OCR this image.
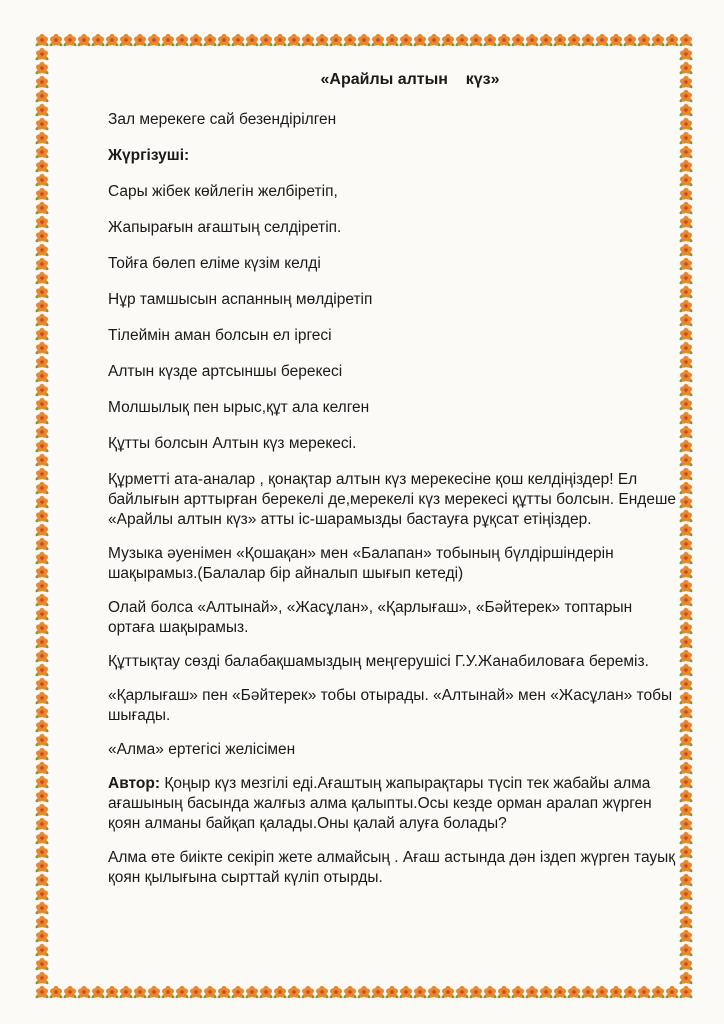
«Арайлы алтын    күз»
Зал мерекеге сай безендірілген
Жүргізуші:
Сары жібек көйлегін желбіретіп,
Жапырағын ағаштың селдіретіп.
Тойға бөлеп еліме күзім келді
Нұр тамшысын аспанның мөлдіретіп
Тілеймін аман болсын ел іргесі
Алтын күзде артсыншы берекесі
Молшылық пен ырыс,құт ала келген
Құтты болсын Алтын күз мерекесі.
Құрметті ата-аналар , қонақтар алтын күз мерекесіне қош келдіңіздер! Ел байлығын арттырған берекелі де,мерекелі күз мерекесі құтты болсын. Ендеше «Арайлы алтын күз» атты іс-шарамызды бастауға рұқсат етіңіздер.
Музыка әуенімен «Қошақан» мен «Балапан» тобының бүлдіршіндерін шақырамыз.(Балалар бір айналып шығып кетеді)
Олай болса «Алтынай», «Жасұлан», «Қарлығаш», «Бәйтерек» топтарын ортаға шақырамыз.
Құттықтау сөзді балабақшамыздың меңгерушісі Г.У.Жанабиловаға береміз.
«Қарлығаш» пен «Бәйтерек» тобы отырады. «Алтынай» мен «Жасұлан» тобы шығады.
«Алма» ертегісі желісімен
Автор: Қоңыр күз мезгілі еді.Ағаштың жапырақтары түсіп тек жабайы алма ағашының басында жалғыз алма қалыпты.Осы кезде орман аралап жүрген қоян алманы байқап қалады.Оны қалай алуға болады?
Алма өте биікте секіріп жете алмайсың . Ағаш астында дән іздеп жүрген тауық қоян қылығына сырттай күліп отырды.
